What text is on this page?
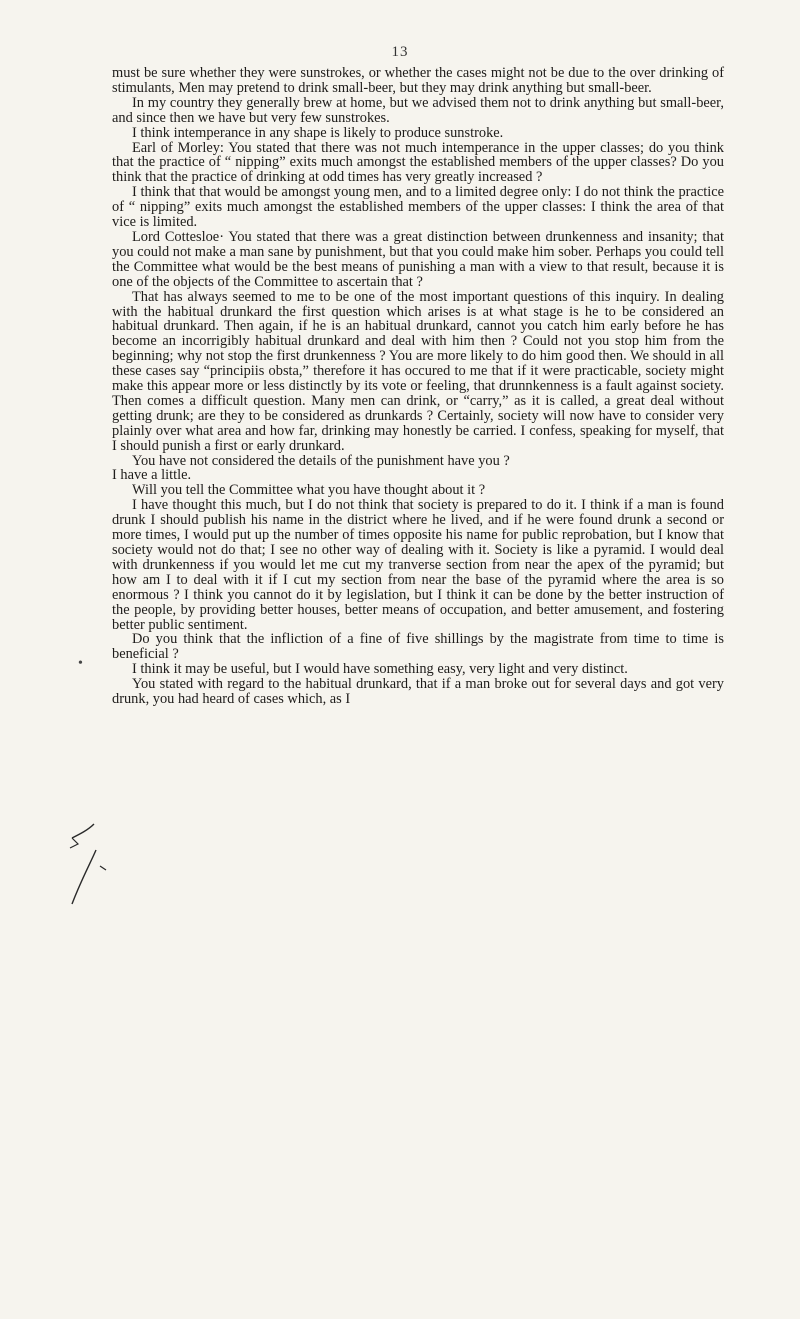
13
•

must be sure whether they were sunstrokes, or whether the cases might not be due to the over drinking of stimulants, Men may pretend to drink small-beer, but they may drink anything but small-beer.

In my country they generally brew at home, but we advised them not to drink anything but small-beer, and since then we have but very few sunstrokes.

I think intemperance in any shape is likely to produce sunstroke.

Earl of Morley: You stated that there was not much intemperance in the upper classes; do you think that the practice of “ nipping” exits much amongst the established members of the upper classes? Do you think that the practice of drinking at odd times has very greatly increased ?

I think that that would be amongst young men, and to a limited degree only: I do not think the practice of “ nipping” exits much amongst the established members of the upper classes: I think the area of that vice is limited.

Lord Cottesloe· You stated that there was a great distinction between drunkenness and insanity; that you could not make a man sane by punishment, but that you could make him sober. Perhaps you could tell the Committee what would be the best means of punishing a man with a view to that result, because it is one of the objects of the Committee to ascertain that ?

That has always seemed to me to be one of the most important questions of this inquiry. In dealing with the habitual drunkard the first question which arises is at what stage is he to be considered an habitual drunkard. Then again, if he is an habitual drunkard, cannot you catch him early before he has become an incorrigibly habitual drunkard and deal with him then ? Could not you stop him from the beginning; why not stop the first drunkenness ? You are more likely to do him good then. We should in all these cases say “principiis obsta,” therefore it has occured to me that if it were practicable, society might make this appear more or less distinctly by its vote or feeling, that drunnkenness is a fault against society. Then comes a difficult question. Many men can drink, or “carry,” as it is called, a great deal without getting drunk; are they to be considered as drunkards ? Certainly, society will now have to consider very plainly over what area and how far, drinking may honestly be carried. I confess, speaking for myself, that I should punish a first or early drunkard.

You have not considered the details of the punishment have you ?

I have a little.

Will you tell the Committee what you have thought about it ?

I have thought this much, but I do not think that society is prepared to do it. I think if a man is found drunk I should publish his name in the district where he lived, and if he were found drunk a second or more times, I would put up the number of times opposite his name for public reprobation, but I know that society would not do that; I see no other way of dealing with it. Society is like a pyramid. I would deal with drunkenness if you would let me cut my tranverse section from near the apex of the pyramid; but how am I to deal with it if I cut my section from near the base of the pyramid where the area is so enormous ? I think you cannot do it by legislation, but I think it can be done by the better instruction of the people, by providing better houses, better means of occupation, and better amusement, and fostering better public sentiment.

Do you think that the infliction of a fine of five shillings by the magistrate from time to time is beneficial ?

I think it may be useful, but I would have something easy, very light and very distinct.

You stated with regard to the habitual drunkard, that if a man broke out for several days and got very drunk, you had heard of cases which, as I
